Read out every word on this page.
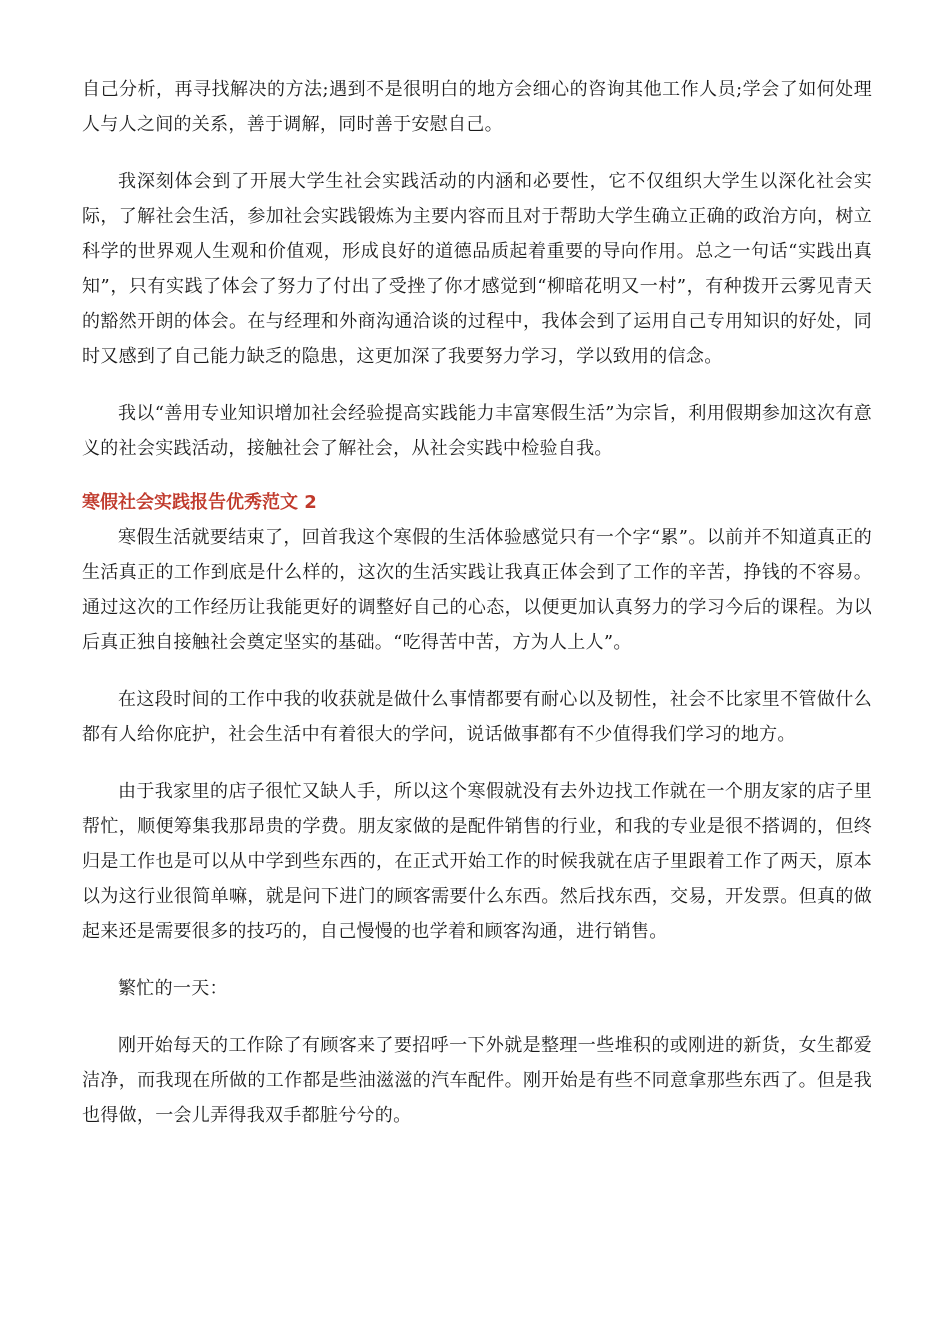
自己分析，再寻找解决的方法;遇到不是很明白的地方会细心的咨询其他工作人员;学会了如何处理人与人之间的关系，善于调解，同时善于安慰自己。

我深刻体会到了开展大学生社会实践活动的内涵和必要性，它不仅组织大学生以深化社会实际，了解社会生活，参加社会实践锻炼为主要内容而且对于帮助大学生确立正确的政治方向，树立科学的世界观人生观和价值观，形成良好的道德品质起着重要的导向作用。总之一句话“实践出真知”，只有实践了体会了努力了付出了受挫了你才感觉到“柳暗花明又一村”，有种拨开云雾见青天的豁然开朗的体会。在与经理和外商沟通洽谈的过程中，我体会到了运用自己专用知识的好处，同时又感到了自己能力缺乏的隐患，这更加深了我要努力学习，学以致用的信念。

我以“善用专业知识增加社会经验提高实践能力丰富寒假生活”为宗旨，利用假期参加这次有意义的社会实践活动，接触社会了解社会，从社会实践中检验自我。

寒假社会实践报告优秀范文 2

寒假生活就要结束了，回首我这个寒假的生活体验感觉只有一个字“累”。以前并不知道真正的生活真正的工作到底是什么样的，这次的生活实践让我真正体会到了工作的辛苦，挣钱的不容易。通过这次的工作经历让我能更好的调整好自己的心态，以便更加认真努力的学习今后的课程。为以后真正独自接触社会奠定坚实的基础。“吃得苦中苦，方为人上人”。

在这段时间的工作中我的收获就是做什么事情都要有耐心以及韧性，社会不比家里不管做什么都有人给你庇护，社会生活中有着很大的学问，说话做事都有不少值得我们学习的地方。

由于我家里的店子很忙又缺人手，所以这个寒假就没有去外边找工作就在一个朋友家的店子里帮忙，顺便筹集我那昂贵的学费。朋友家做的是配件销售的行业，和我的专业是很不搭调的，但终归是工作也是可以从中学到些东西的，在正式开始工作的时候我就在店子里跟着工作了两天，原本以为这行业很简单嘛，就是问下进门的顾客需要什么东西。然后找东西，交易，开发票。但真的做起来还是需要很多的技巧的，自己慢慢的也学着和顾客沟通，进行销售。

繁忙的一天：

刚开始每天的工作除了有顾客来了要招呼一下外就是整理一些堆积的或刚进的新货，女生都爱洁净，而我现在所做的工作都是些油滋滋的汽车配件。刚开始是有些不同意拿那些东西了。但是我也得做，一会儿弄得我双手都脏兮兮的。
